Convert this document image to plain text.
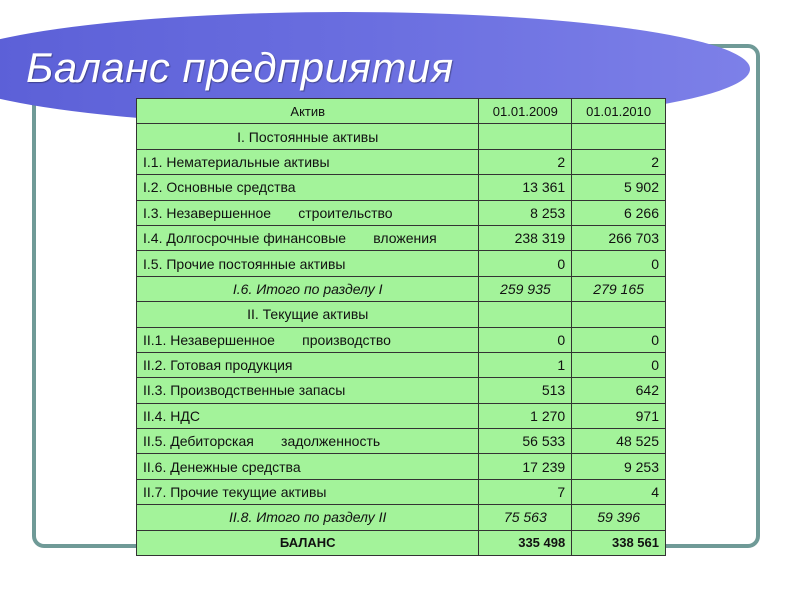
Баланс предприятия
Актив	01.01.2009	01.01.2010
I. Постоянные активы		
I.1. Нематериальные активы	2	2
I.2. Основные средства	13 361	5 902
I.3. Незавершенное       строительство	8 253	6 266
I.4. Долгосрочные финансовые       вложения	238 319	266 703
I.5. Прочие постоянные активы	0	0
I.6. Итого по разделу I	259 935	279 165
II. Текущие активы		
II.1. Незавершенное       производство	0	0
II.2. Готовая продукция	1	0
II.3. Производственные запасы	513	642
II.4. НДС	1 270	971
II.5. Дебиторская       задолженность	56 533	48 525
II.6. Денежные средства	17 239	9 253
II.7. Прочие текущие активы	7	4
II.8. Итого по разделу II	75 563	59 396
БАЛАНС	335 498	338 561
